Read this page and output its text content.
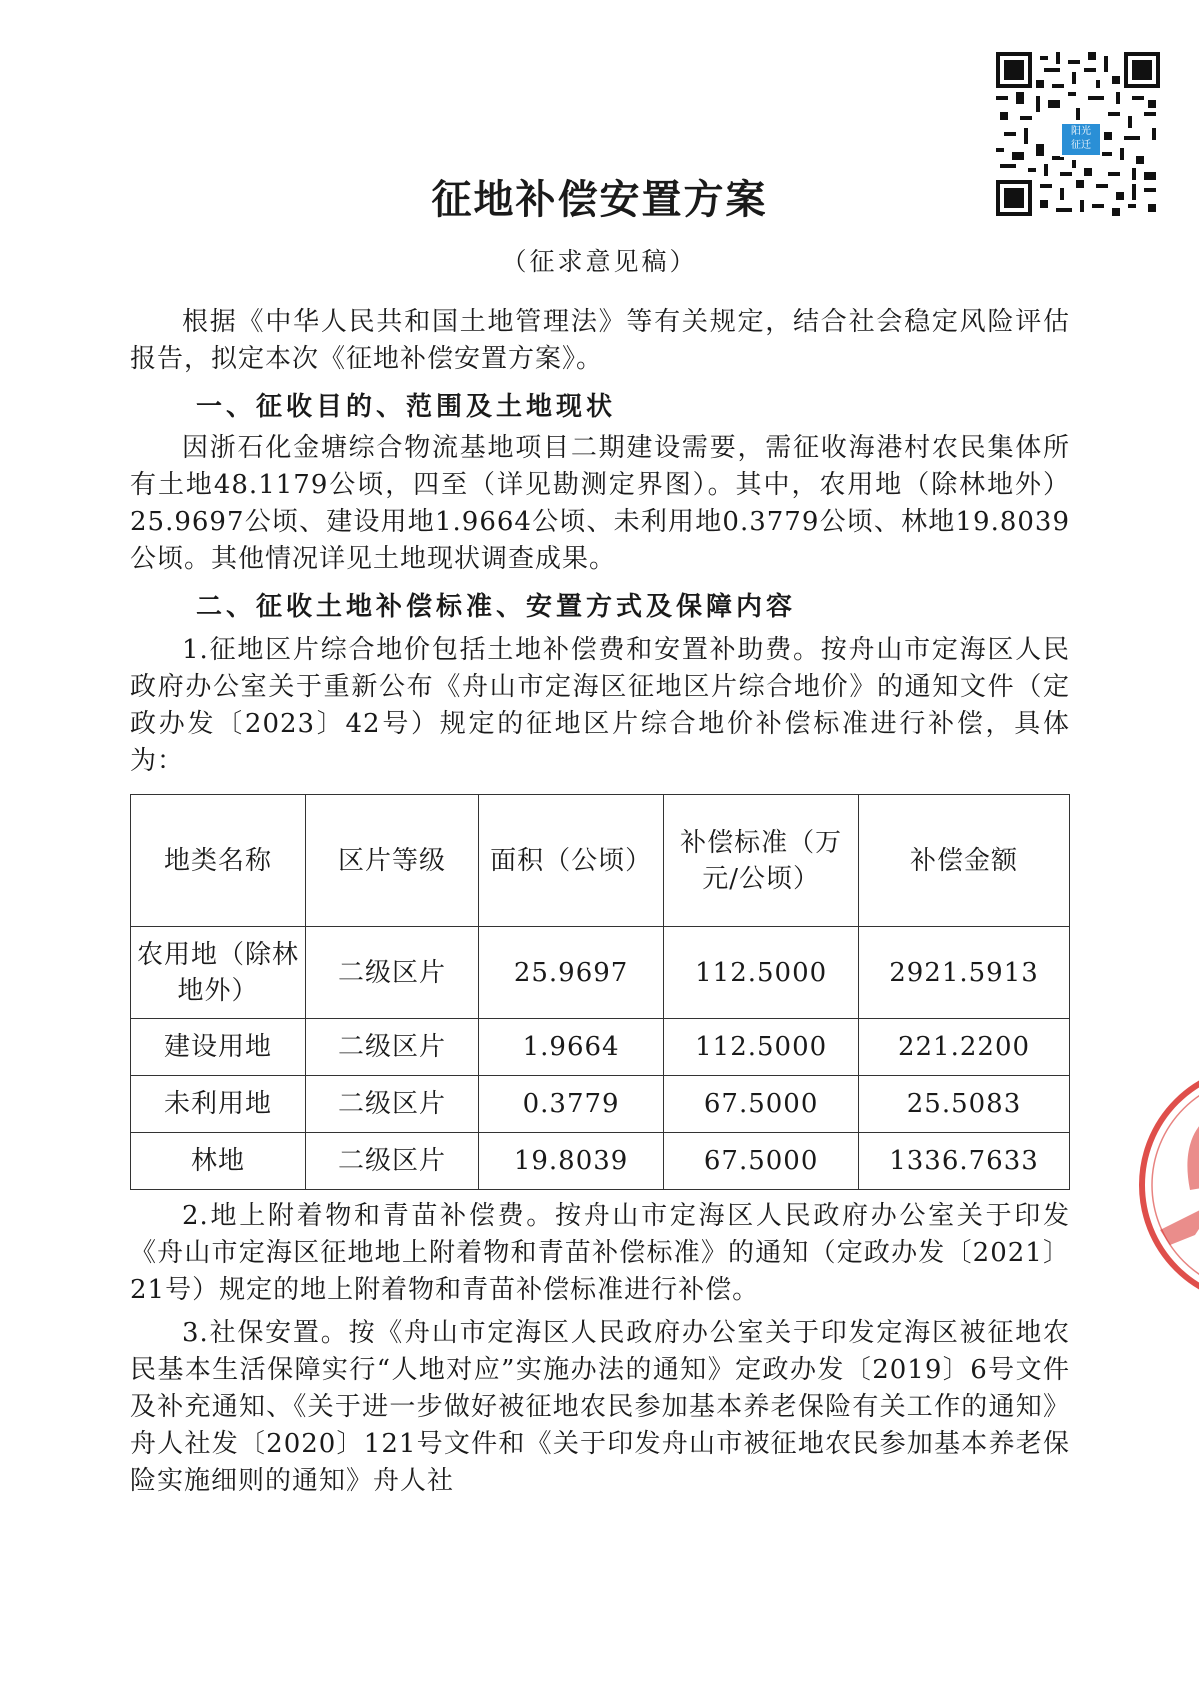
阳光
征迁
征地补偿安置方案
（征求意见稿）
根据《中华人民共和国土地管理法》等有关规定，结合社会稳定风险评估报告，拟定本次《征地补偿安置方案》。
一、征收目的、范围及土地现状
因浙石化金塘综合物流基地项目二期建设需要，需征收海港村农民集体所有土地48.1179公顷，四至（详见勘测定界图）。其中，农用地（除林地外）25.9697公顷、建设用地1.9664公顷、未利用地0.3779公顷、林地19.8039公顷。其他情况详见土地现状调查成果。
二、征收土地补偿标准、安置方式及保障内容
1.征地区片综合地价包括土地补偿费和安置补助费。按舟山市定海区人民政府办公室关于重新公布《舟山市定海区征地区片综合地价》的通知文件（定政办发〔2023〕42号）规定的征地区片综合地价补偿标准进行补偿，具体为：
地类名称	区片等级	面积（公顷）	补偿标准（万元/公顷）	补偿金额
农用地（除林地外）	二级区片	25.9697	112.5000	2921.5913
建设用地	二级区片	1.9664	112.5000	221.2200
未利用地	二级区片	0.3779	67.5000	25.5083
林地	二级区片	19.8039	67.5000	1336.7633
2.地上附着物和青苗补偿费。按舟山市定海区人民政府办公室关于印发《舟山市定海区征地地上附着物和青苗补偿标准》的通知（定政办发〔2021〕21号）规定的地上附着物和青苗补偿标准进行补偿。
3.社保安置。按《舟山市定海区人民政府办公室关于印发定海区被征地农民基本生活保障实行“人地对应”实施办法的通知》定政办发〔2019〕6号文件及补充通知、《关于进一步做好被征地农民参加基本养老保险有关工作的通知》舟人社发〔2020〕121号文件和《关于印发舟山市被征地农民参加基本养老保险实施细则的通知》舟人社
